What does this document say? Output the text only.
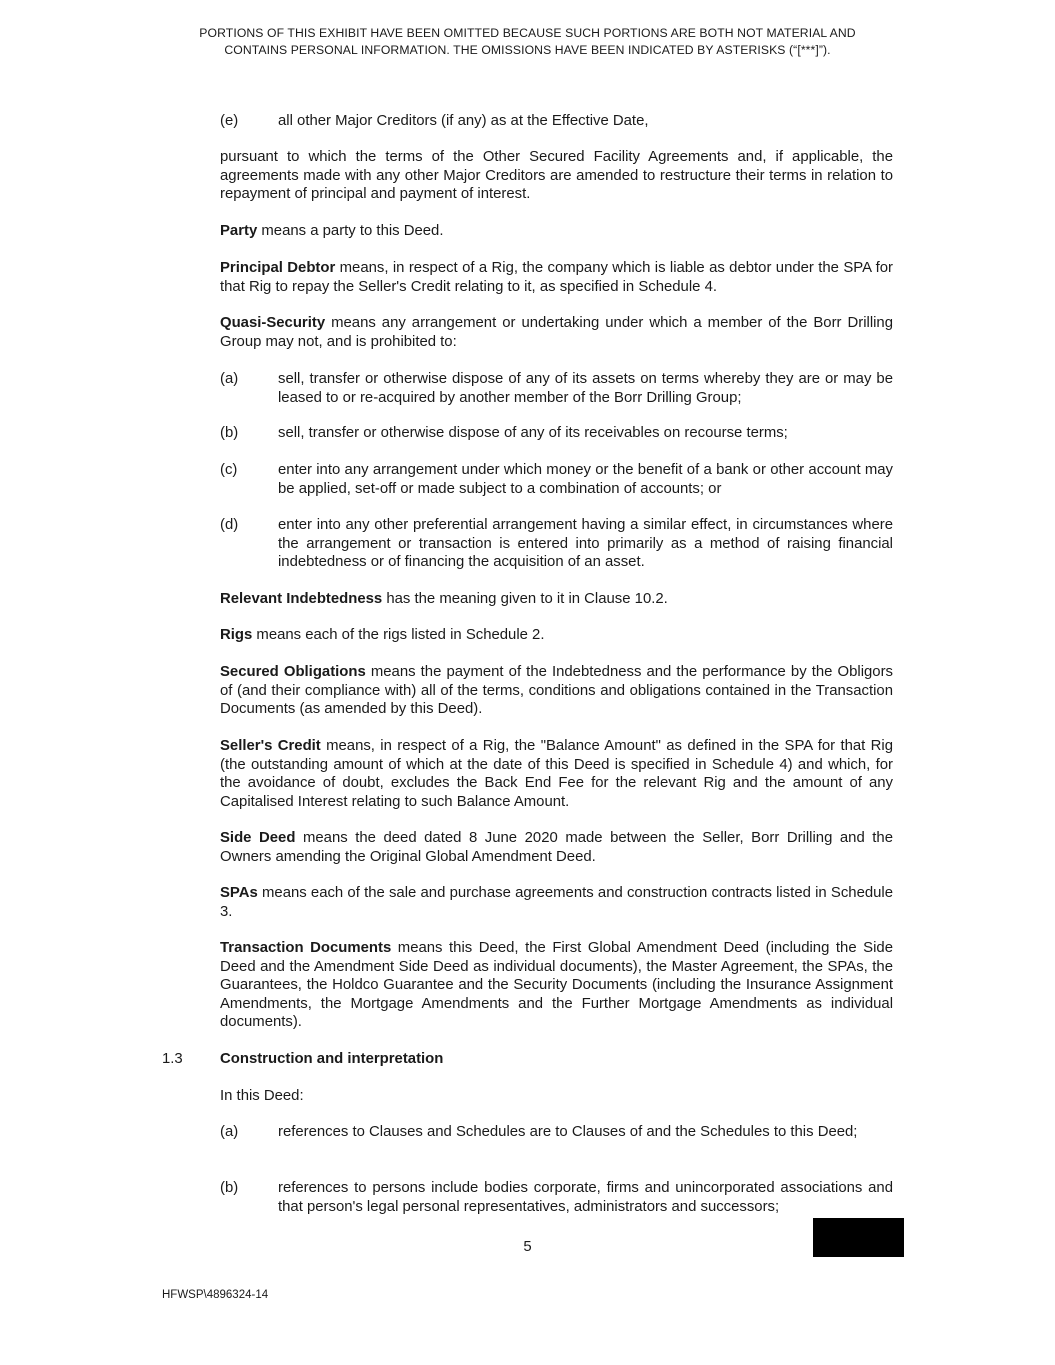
PORTIONS OF THIS EXHIBIT HAVE BEEN OMITTED BECAUSE SUCH PORTIONS ARE BOTH NOT MATERIAL AND
CONTAINS PERSONAL INFORMATION. THE OMISSIONS HAVE BEEN INDICATED BY ASTERISKS (“[***]”).
(e)	all other Major Creditors (if any) as at the Effective Date,
pursuant to which the terms of the Other Secured Facility Agreements and, if applicable, the agreements made with any other Major Creditors are amended to restructure their terms in relation to repayment of principal and payment of interest.
Party means a party to this Deed.
Principal Debtor means, in respect of a Rig, the company which is liable as debtor under the SPA for that Rig to repay the Seller's Credit relating to it, as specified in Schedule 4.
Quasi-Security means any arrangement or undertaking under which a member of the Borr Drilling Group may not, and is prohibited to:
(a)	sell, transfer or otherwise dispose of any of its assets on terms whereby they are or may be leased to or re-acquired by another member of the Borr Drilling Group;
(b)	sell, transfer or otherwise dispose of any of its receivables on recourse terms;
(c)	enter into any arrangement under which money or the benefit of a bank or other account may be applied, set-off or made subject to a combination of accounts; or
(d)	enter into any other preferential arrangement having a similar effect, in circumstances where the arrangement or transaction is entered into primarily as a method of raising financial indebtedness or of financing the acquisition of an asset.
Relevant Indebtedness has the meaning given to it in Clause 10.2.
Rigs means each of the rigs listed in Schedule 2.
Secured Obligations means the payment of the Indebtedness and the performance by the Obligors of (and their compliance with) all of the terms, conditions and obligations contained in the Transaction Documents (as amended by this Deed).
Seller's Credit means, in respect of a Rig, the "Balance Amount" as defined in the SPA for that Rig (the outstanding amount of which at the date of this Deed is specified in Schedule 4) and which, for the avoidance of doubt, excludes the Back End Fee for the relevant Rig and the amount of any Capitalised Interest relating to such Balance Amount.
Side Deed means the deed dated 8 June 2020 made between the Seller, Borr Drilling and the Owners amending the Original Global Amendment Deed.
SPAs means each of the sale and purchase agreements and construction contracts listed in Schedule 3.
Transaction Documents means this Deed, the First Global Amendment Deed (including the Side Deed and the Amendment Side Deed as individual documents), the Master Agreement, the SPAs, the Guarantees, the Holdco Guarantee and the Security Documents (including the Insurance Assignment Amendments, the Mortgage Amendments and the Further Mortgage Amendments as individual documents).
1.3	Construction and interpretation
In this Deed:
(a)	references to Clauses and Schedules are to Clauses of and the Schedules to this Deed;
(b)	references to persons include bodies corporate, firms and unincorporated associations and that person's legal personal representatives, administrators and successors;
5
HFWSP\4896324-14
